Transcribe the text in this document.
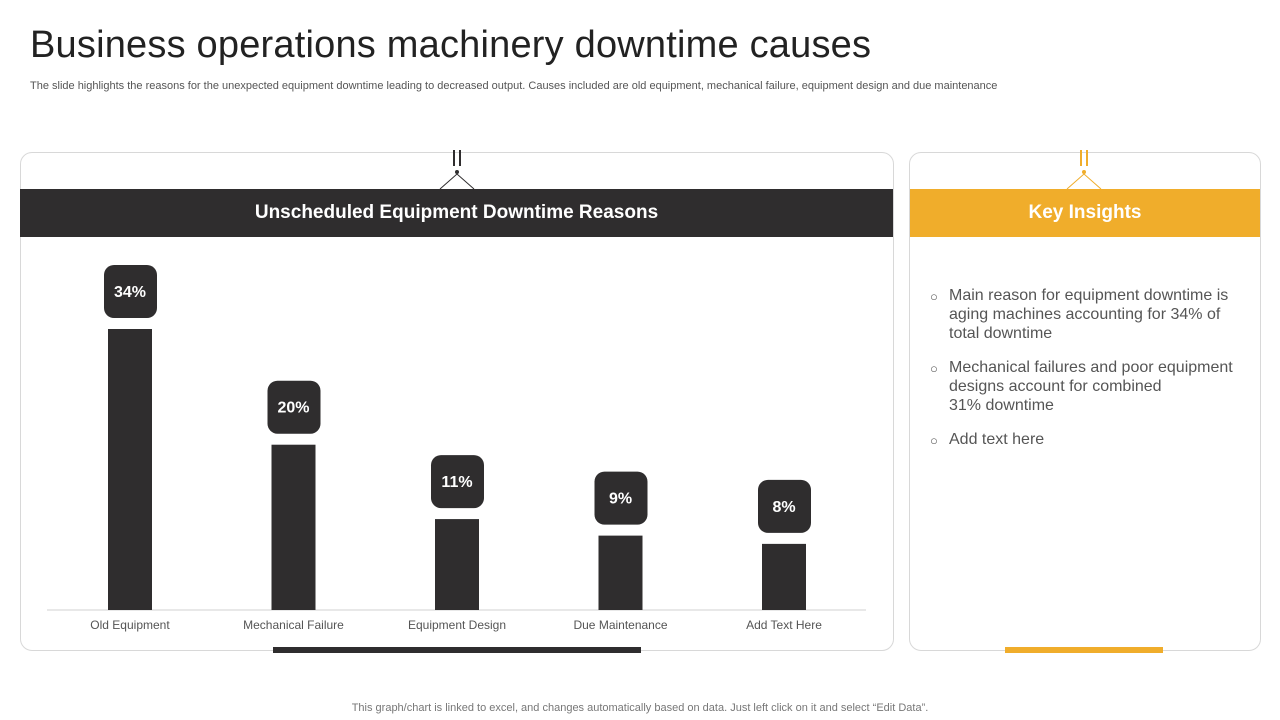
Business operations machinery downtime causes

The slide highlights the reasons for the unexpected equipment downtime leading to decreased output. Causes included are old equipment, mechanical failure, equipment design and due maintenance

Unscheduled Equipment Downtime Reasons	Key Insights
34%
Old Equipment
20%
Mechanical Failure
11%
Equipment Design
9%
Due Maintenance
8%
Add Text Here
○ Main reason for equipment downtime is aging machines accounting for 34% of total downtime
○ Mechanical failures and poor equipment designs account for combined
31% downtime
○ Add text here

This graph/chart is linked to excel, and changes automatically based on data. Just left click on it and select “Edit Data”.
